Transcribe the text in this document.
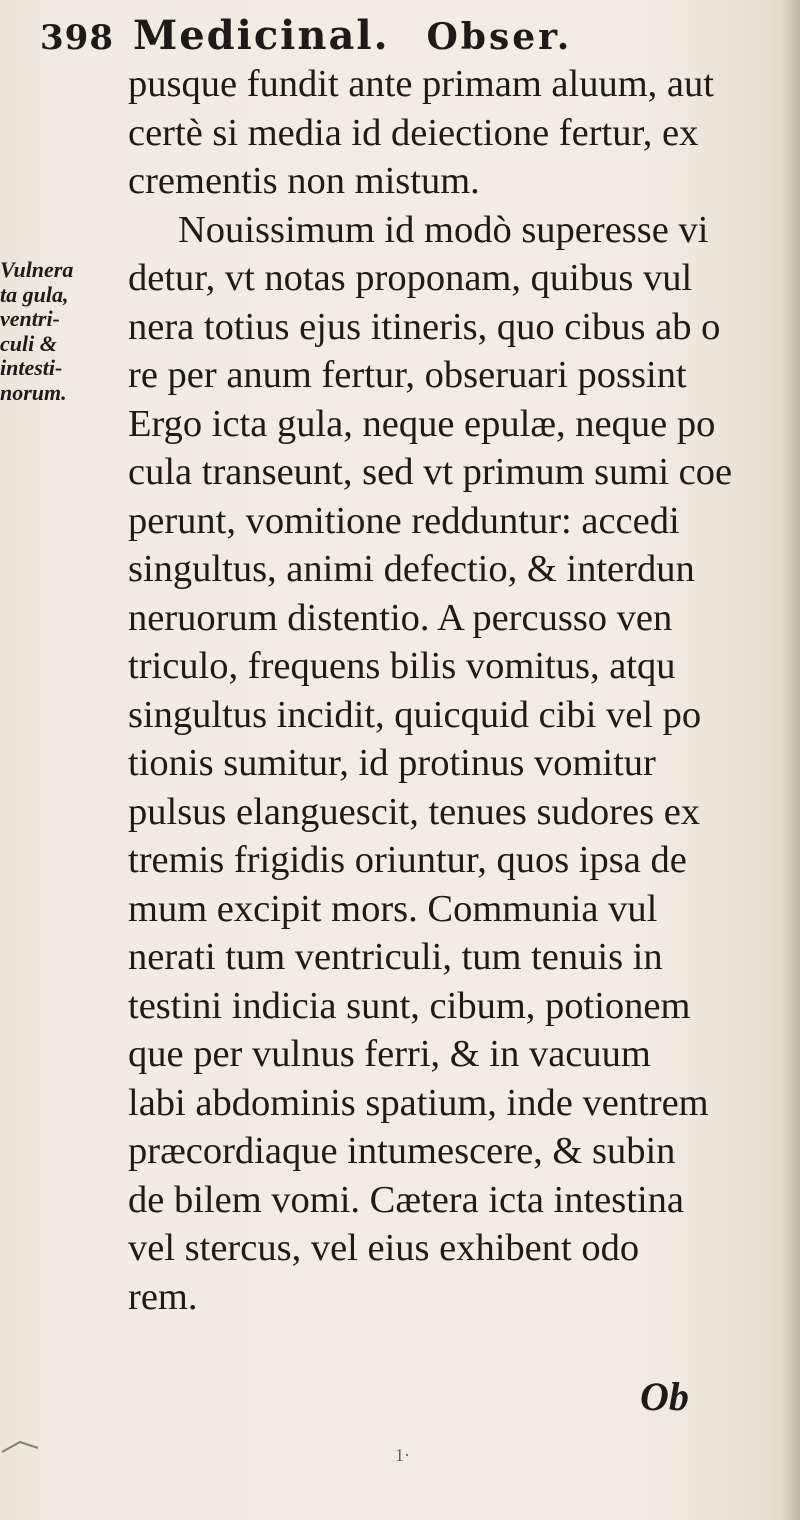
398 Medicinal. Obser.
Vulnera
ta gula,
ventri-
culi &
intesti-
norum.
pusque fundit ante primam aluum, aut
certè si media id deiectione fertur, ex
crementis non mistum.
Nouissimum id modò superesse vi
detur, vt notas proponam, quibus vul
nera totius ejus itineris, quo cibus ab o
re per anum fertur, obseruari possint
Ergo icta gula, neque epulæ, neque po
cula transeunt, sed vt primum sumi coe
perunt, vomitione redduntur: accedi
singultus, animi defectio, & interdun
neruorum distentio. A percusso ven
triculo, frequens bilis vomitus, atqu
singultus incidit, quicquid cibi vel po
tionis sumitur, id protinus vomitur
pulsus elanguescit, tenues sudores ex
tremis frigidis oriuntur, quos ipsa de
mum excipit mors. Communia vul
nerati tum ventriculi, tum tenuis in
testini indicia sunt, cibum, potionem
que per vulnus ferri, & in vacuum
labi abdominis spatium, inde ventrem
præcordiaque intumescere, & subin
de bilem vomi. Cætera icta intestina
vel stercus, vel eius exhibent odo
rem.
Ob
1·
